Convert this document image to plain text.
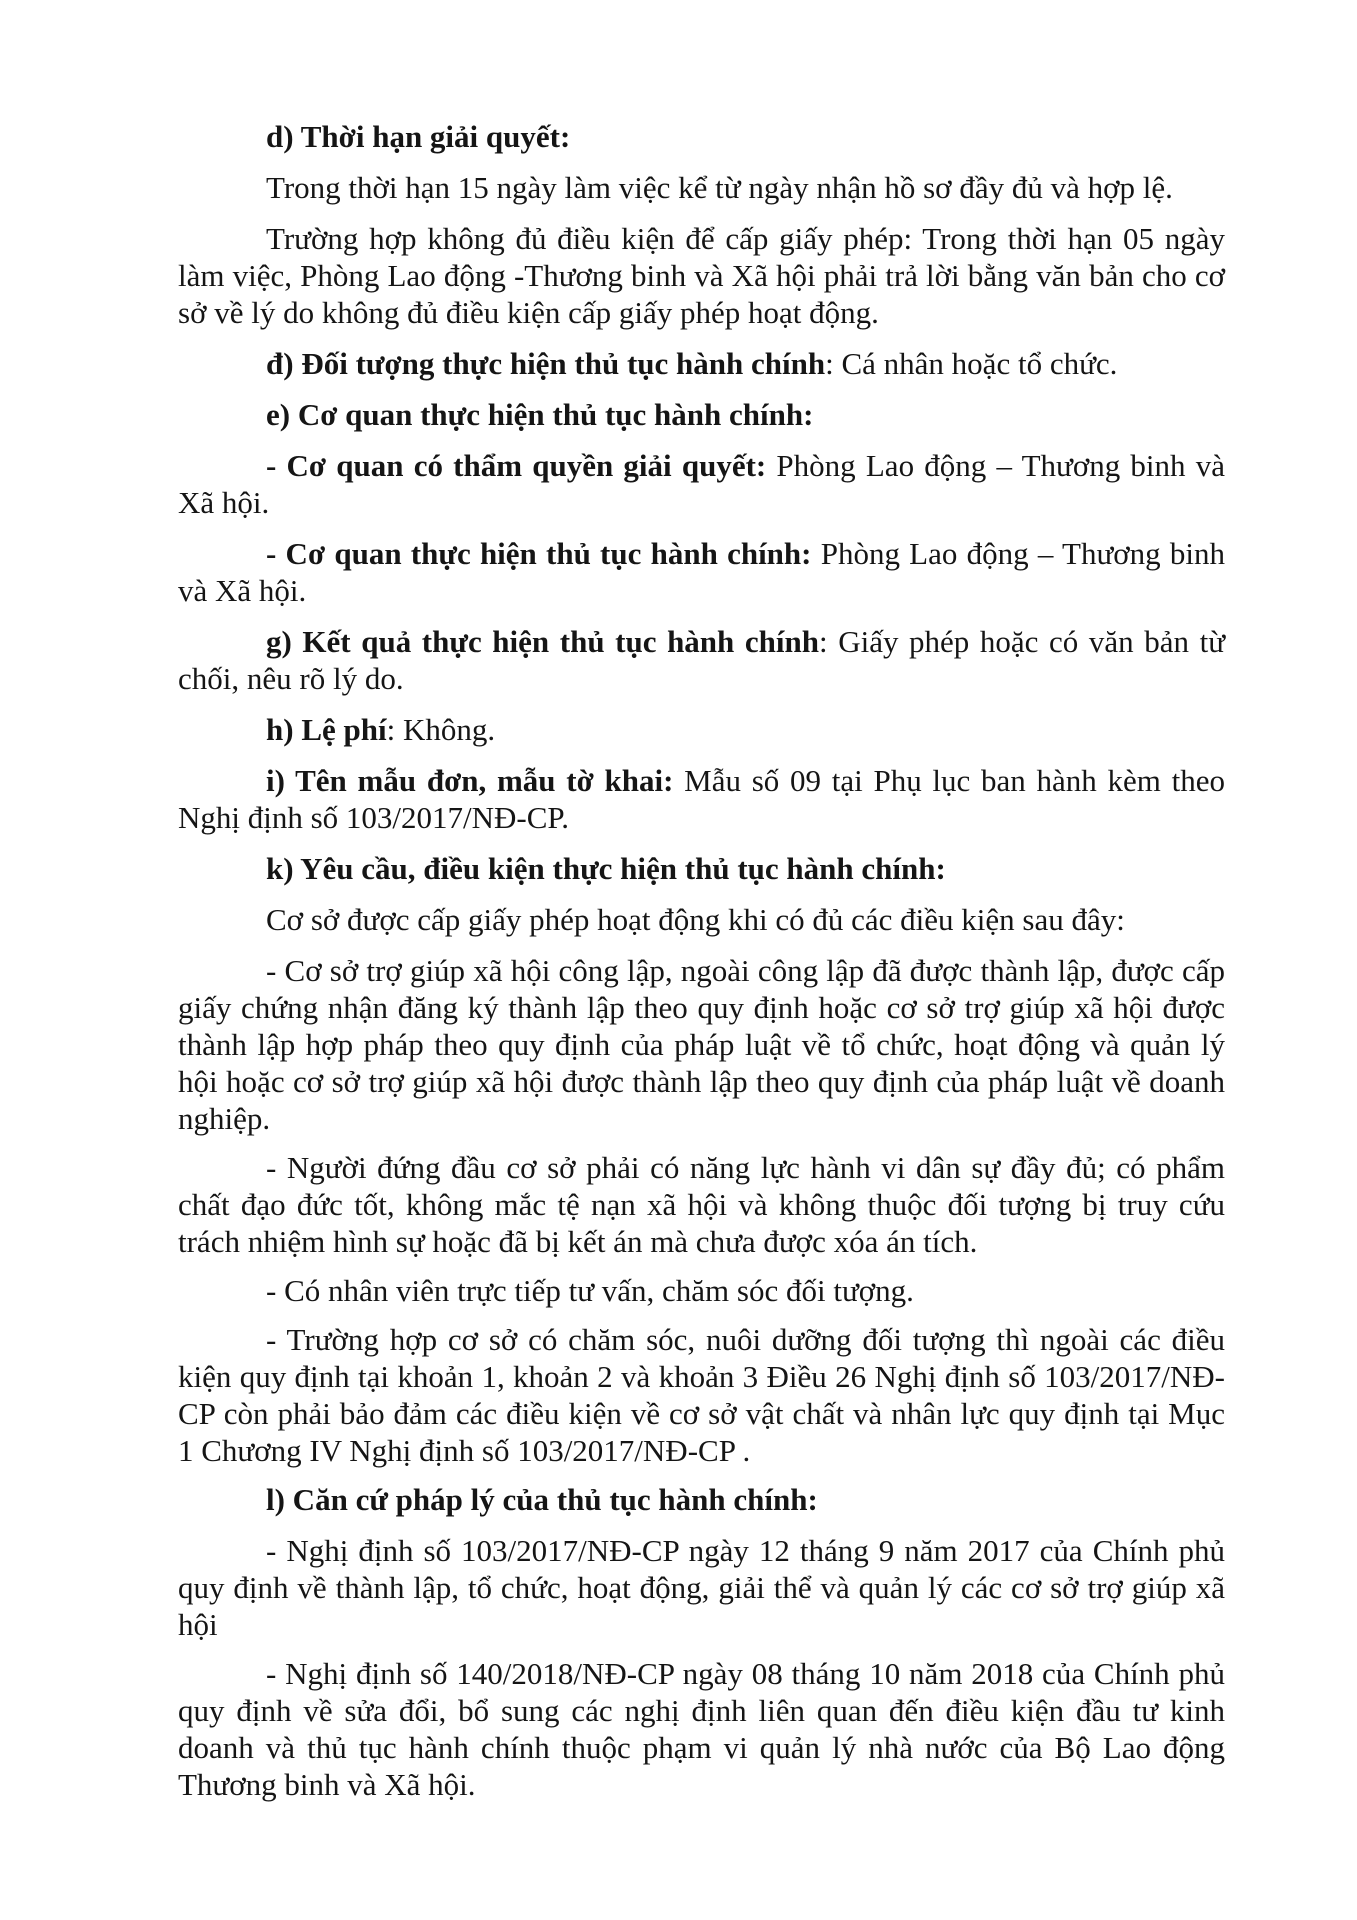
d) Thời hạn giải quyết:

Trong thời hạn 15 ngày làm việc kể từ ngày nhận hồ sơ đầy đủ và hợp lệ.

Trường hợp không đủ điều kiện để cấp giấy phép: Trong thời hạn 05 ngày làm việc, Phòng Lao động -Thương binh và Xã hội phải trả lời bằng văn bản cho cơ sở về lý do không đủ điều kiện cấp giấy phép hoạt động.

đ) Đối tượng thực hiện thủ tục hành chính: Cá nhân hoặc tổ chức.

e) Cơ quan thực hiện thủ tục hành chính:

- Cơ quan có thẩm quyền giải quyết: Phòng Lao động – Thương binh và Xã hội.

- Cơ quan thực hiện thủ tục hành chính: Phòng Lao động – Thương binh và Xã hội.

g) Kết quả thực hiện thủ tục hành chính: Giấy phép hoặc có văn bản từ chối, nêu rõ lý do.

h) Lệ phí: Không.

i) Tên mẫu đơn, mẫu tờ khai: Mẫu số 09 tại Phụ lục ban hành kèm theo Nghị định số 103/2017/NĐ-CP.

k) Yêu cầu, điều kiện thực hiện thủ tục hành chính:

Cơ sở được cấp giấy phép hoạt động khi có đủ các điều kiện sau đây:

- Cơ sở trợ giúp xã hội công lập, ngoài công lập đã được thành lập, được cấp giấy chứng nhận đăng ký thành lập theo quy định hoặc cơ sở trợ giúp xã hội được thành lập hợp pháp theo quy định của pháp luật về tổ chức, hoạt động và quản lý hội hoặc cơ sở trợ giúp xã hội được thành lập theo quy định của pháp luật về doanh nghiệp.

- Người đứng đầu cơ sở phải có năng lực hành vi dân sự đầy đủ; có phẩm chất đạo đức tốt, không mắc tệ nạn xã hội và không thuộc đối tượng bị truy cứu trách nhiệm hình sự hoặc đã bị kết án mà chưa được xóa án tích.

- Có nhân viên trực tiếp tư vấn, chăm sóc đối tượng.

- Trường hợp cơ sở có chăm sóc, nuôi dưỡng đối tượng thì ngoài các điều kiện quy định tại khoản 1, khoản 2 và khoản 3 Điều 26 Nghị định số 103/2017/NĐ-CP còn phải bảo đảm các điều kiện về cơ sở vật chất và nhân lực quy định tại Mục 1 Chương IV Nghị định số 103/2017/NĐ-CP .

l) Căn cứ pháp lý của thủ tục hành chính:

- Nghị định số 103/2017/NĐ-CP ngày 12 tháng 9 năm 2017 của Chính phủ quy định về thành lập, tổ chức, hoạt động, giải thể và quản lý các cơ sở trợ giúp xã hội

- Nghị định số 140/2018/NĐ-CP ngày 08 tháng 10 năm 2018 của Chính phủ quy định về sửa đổi, bổ sung các nghị định liên quan đến điều kiện đầu tư kinh doanh và thủ tục hành chính thuộc phạm vi quản lý nhà nước của Bộ Lao động Thương binh và Xã hội.
